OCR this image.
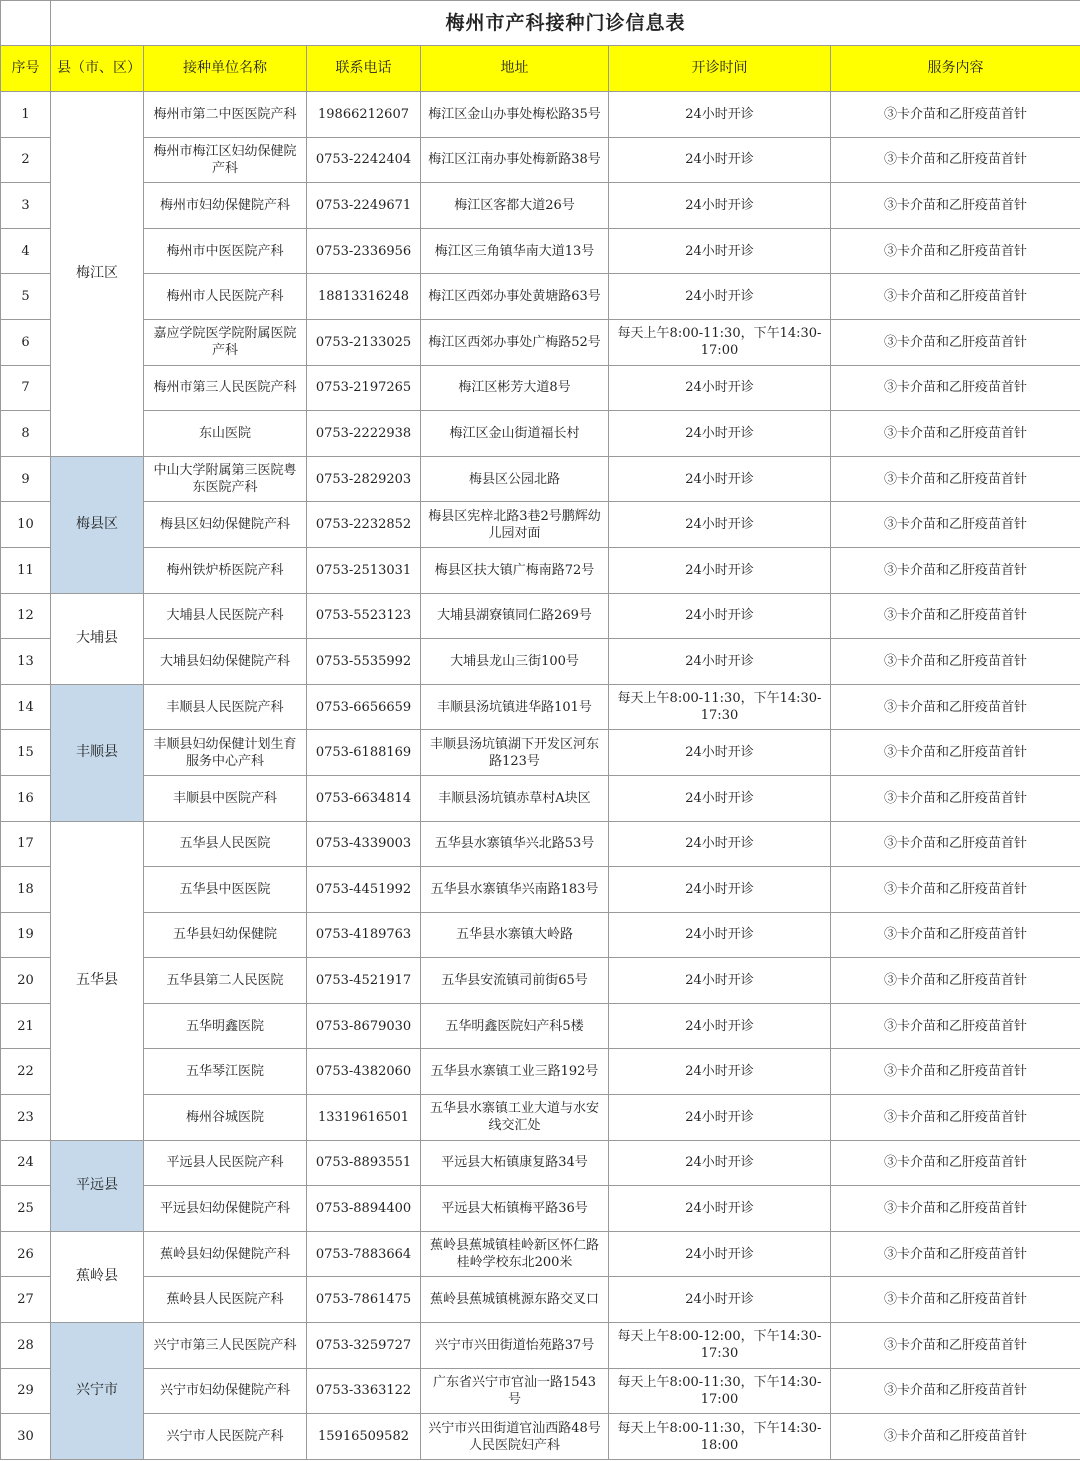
	梅州市产科接种门诊信息表					
序号	县（市、区）	接种单位名称	联系电话	地址	开诊时间	服务内容
1	梅江区	梅州市第二中医医院产科	19866212607	梅江区金山办事处梅松路35号	24小时开诊	③卡介苗和乙肝疫苗首针
2		梅州市梅江区妇幼保健院产科	0753-2242404	梅江区江南办事处梅新路38号	24小时开诊	③卡介苗和乙肝疫苗首针
3		梅州市妇幼保健院产科	0753-2249671	梅江区客都大道26号	24小时开诊	③卡介苗和乙肝疫苗首针
4		梅州市中医医院产科	0753-2336956	梅江区三角镇华南大道13号	24小时开诊	③卡介苗和乙肝疫苗首针
5		梅州市人民医院产科	18813316248	梅江区西郊办事处黄塘路63号	24小时开诊	③卡介苗和乙肝疫苗首针
6		嘉应学院医学院附属医院产科	0753-2133025	梅江区西郊办事处广梅路52号	每天上午8:00-11:30，下午14:30-17:00	③卡介苗和乙肝疫苗首针
7		梅州市第三人民医院产科	0753-2197265	梅江区彬芳大道8号	24小时开诊	③卡介苗和乙肝疫苗首针
8		东山医院	0753-2222938	梅江区金山街道福长村	24小时开诊	③卡介苗和乙肝疫苗首针
9	梅县区	中山大学附属第三医院粤东医院产科	0753-2829203	梅县区公园北路	24小时开诊	③卡介苗和乙肝疫苗首针
10		梅县区妇幼保健院产科	0753-2232852	梅县区宪梓北路3巷2号鹏辉幼儿园对面	24小时开诊	③卡介苗和乙肝疫苗首针
11		梅州铁炉桥医院产科	0753-2513031	梅县区扶大镇广梅南路72号	24小时开诊	③卡介苗和乙肝疫苗首针
12	大埔县	大埔县人民医院产科	0753-5523123	大埔县湖寮镇同仁路269号	24小时开诊	③卡介苗和乙肝疫苗首针
13		大埔县妇幼保健院产科	0753-5535992	大埔县龙山三街100号	24小时开诊	③卡介苗和乙肝疫苗首针
14	丰顺县	丰顺县人民医院产科	0753-6656659	丰顺县汤坑镇进华路101号	每天上午8:00-11:30，下午14:30-17:30	③卡介苗和乙肝疫苗首针
15		丰顺县妇幼保健计划生育服务中心产科	0753-6188169	丰顺县汤坑镇湖下开发区河东路123号	24小时开诊	③卡介苗和乙肝疫苗首针
16		丰顺县中医院产科	0753-6634814	丰顺县汤坑镇赤草村A块区	24小时开诊	③卡介苗和乙肝疫苗首针
17	五华县	五华县人民医院	0753-4339003	五华县水寨镇华兴北路53号	24小时开诊	③卡介苗和乙肝疫苗首针
18		五华县中医医院	0753-4451992	五华县水寨镇华兴南路183号	24小时开诊	③卡介苗和乙肝疫苗首针
19		五华县妇幼保健院	0753-4189763	五华县水寨镇大岭路	24小时开诊	③卡介苗和乙肝疫苗首针
20		五华县第二人民医院	0753-4521917	五华县安流镇司前街65号	24小时开诊	③卡介苗和乙肝疫苗首针
21		五华明鑫医院	0753-8679030	五华明鑫医院妇产科5楼	24小时开诊	③卡介苗和乙肝疫苗首针
22		五华琴江医院	0753-4382060	五华县水寨镇工业三路192号	24小时开诊	③卡介苗和乙肝疫苗首针
23		梅州谷城医院	13319616501	五华县水寨镇工业大道与水安线交汇处	24小时开诊	③卡介苗和乙肝疫苗首针
24	平远县	平远县人民医院产科	0753-8893551	平远县大柘镇康复路34号	24小时开诊	③卡介苗和乙肝疫苗首针
25		平远县妇幼保健院产科	0753-8894400	平远县大柘镇梅平路36号	24小时开诊	③卡介苗和乙肝疫苗首针
26	蕉岭县	蕉岭县妇幼保健院产科	0753-7883664	蕉岭县蕉城镇桂岭新区怀仁路桂岭学校东北200米	24小时开诊	③卡介苗和乙肝疫苗首针
27		蕉岭县人民医院产科	0753-7861475	蕉岭县蕉城镇桃源东路交叉口	24小时开诊	③卡介苗和乙肝疫苗首针
28	兴宁市	兴宁市第三人民医院产科	0753-3259727	兴宁市兴田街道怡苑路37号	每天上午8:00-12:00，下午14:30-17:30	③卡介苗和乙肝疫苗首针
29		兴宁市妇幼保健院产科	0753-3363122	广东省兴宁市官汕一路1543号	每天上午8:00-11:30，下午14:30-17:00	③卡介苗和乙肝疫苗首针
30		兴宁市人民医院产科	15916509582	兴宁市兴田街道官汕西路48号人民医院妇产科	每天上午8:00-11:30，下午14:30-18:00	③卡介苗和乙肝疫苗首针
